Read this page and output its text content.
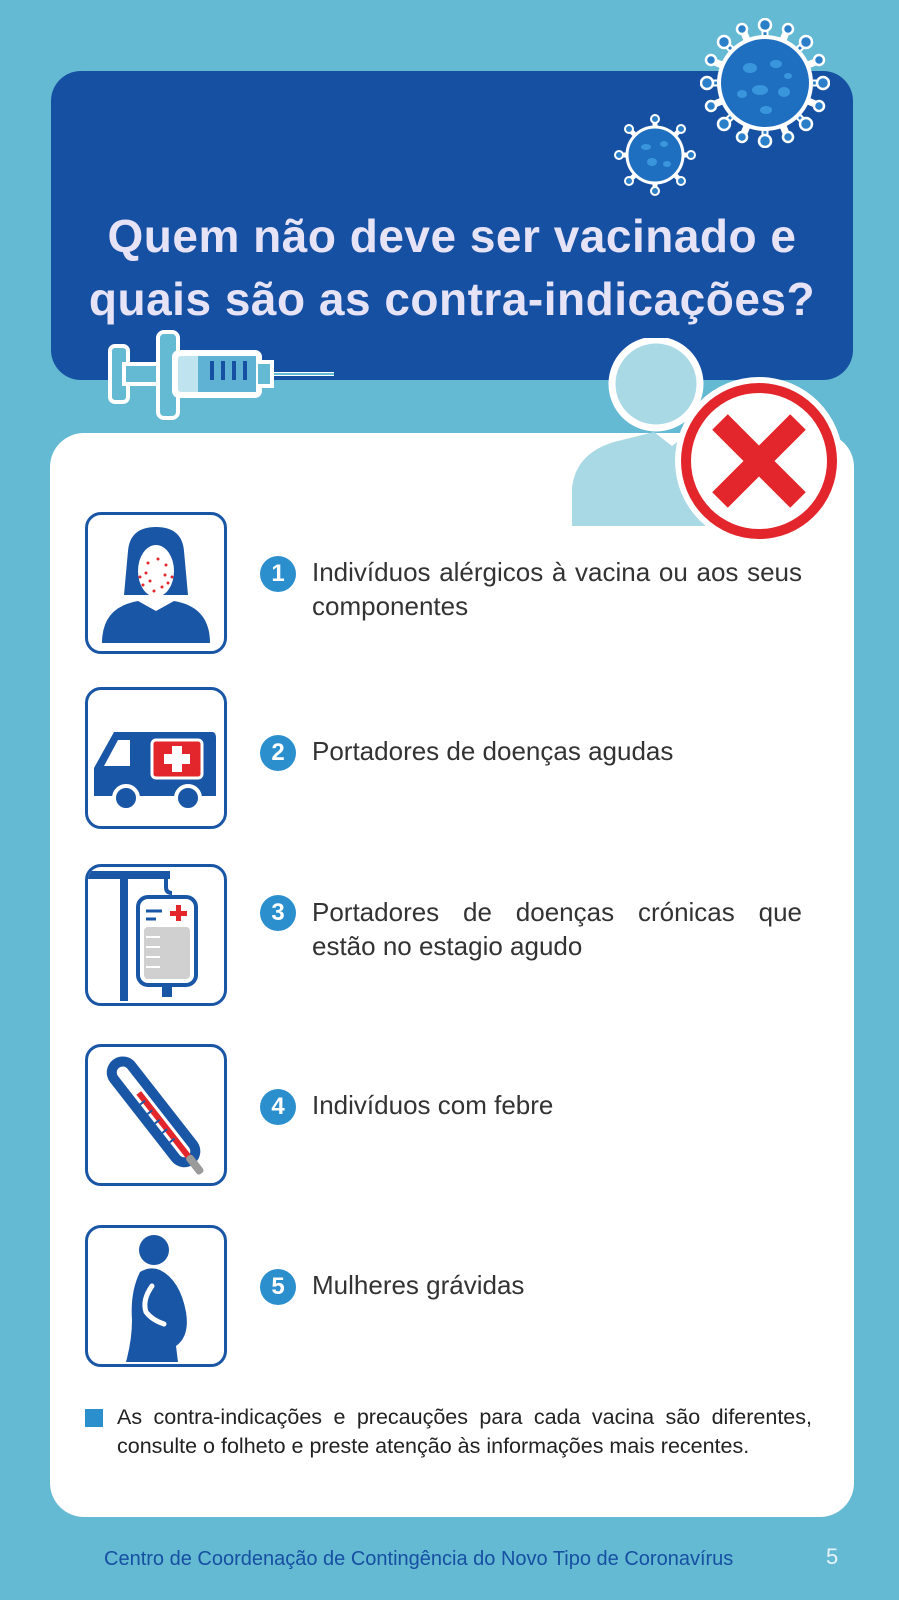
Quem não deve ser vacinado e
quais são as contra-indicações?
1	Indivíduos alérgicos à vacina ou aos seus componentes
2	Portadores de doenças agudas
3	Portadores de doenças crónicas que estão no estagio agudo
4	Indivíduos com febre
5	Mulheres grávidas
As contra-indicações e precauções para cada vacina são diferentes, consulte o folheto e preste atenção às informações mais recentes.
Centro de Coordenação de Contingência do Novo Tipo de Coronavírus	5
